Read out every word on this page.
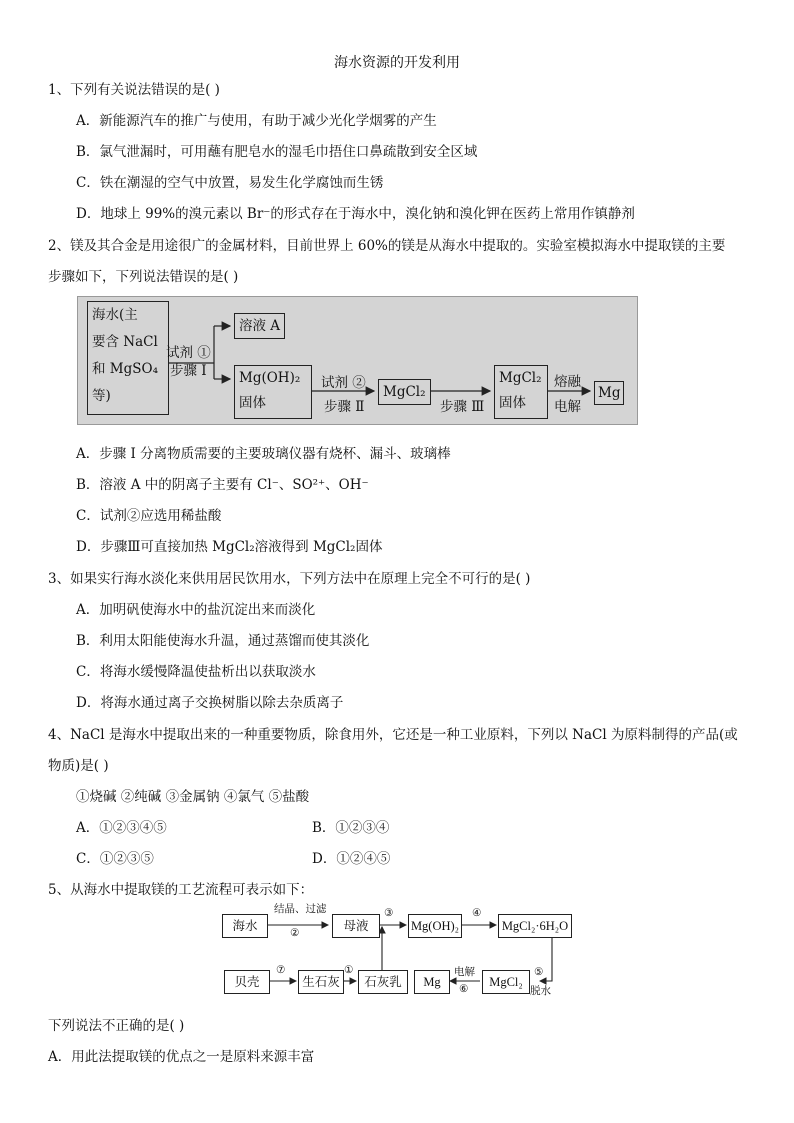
海水资源的开发利用
1、下列有关说法错误的是( )
A．新能源汽车的推广与使用，有助于减少光化学烟雾的产生
B．氯气泄漏时，可用蘸有肥皂水的湿毛巾捂住口鼻疏散到安全区域
C．铁在潮湿的空气中放置，易发生化学腐蚀而生锈
D．地球上 99%的溴元素以 Br⁻的形式存在于海水中，溴化钠和溴化钾在医药上常用作镇静剂
2、镁及其合金是用途很广的金属材料，目前世界上 60%的镁是从海水中提取的。实验室模拟海水中提取镁的主要
步骤如下，下列说法错误的是( )
海水(主
要含 NaCl
和 MgSO₄
等)
试剂 ①
步骤 Ⅰ
溶液 A
Mg(OH)₂
固体
试剂 ②
步骤 Ⅱ
MgCl₂
步骤 Ⅲ
MgCl₂
固体
熔融
电解
Mg
A．步骤 I 分离物质需要的主要玻璃仪器有烧杯、漏斗、玻璃棒
B．溶液 A 中的阴离子主要有 Cl⁻、SO²⁺、OH⁻
C．试剂②应选用稀盐酸
D．步骤Ⅲ可直接加热 MgCl₂溶液得到 MgCl₂固体
3、如果实行海水淡化来供用居民饮用水，下列方法中在原理上完全不可行的是( )
A．加明矾使海水中的盐沉淀出来而淡化
B．利用太阳能使海水升温，通过蒸馏而使其淡化
C．将海水缓慢降温使盐析出以获取淡水
D．将海水通过离子交换树脂以除去杂质离子
4、NaCl 是海水中提取出来的一种重要物质，除食用外，它还是一种工业原料，下列以 NaCl 为原料制得的产品(或
物质)是( )
①烧碱 ②纯碱 ③金属钠 ④氯气 ⑤盐酸
A．①②③④⑤	B．①②③④
C．①②③⑤	D．①②④⑤
5、从海水中提取镁的工艺流程可表示如下：
海水
结晶、过滤
②	母液
③
Mg(OH)₂
④
MgCl₂·6H₂O
贝壳
⑦
生石灰
①
石灰乳	Mg
电解
⑥	MgCl₂
⑤
脱水
下列说法不正确的是( )
A．用此法提取镁的优点之一是原料来源丰富
